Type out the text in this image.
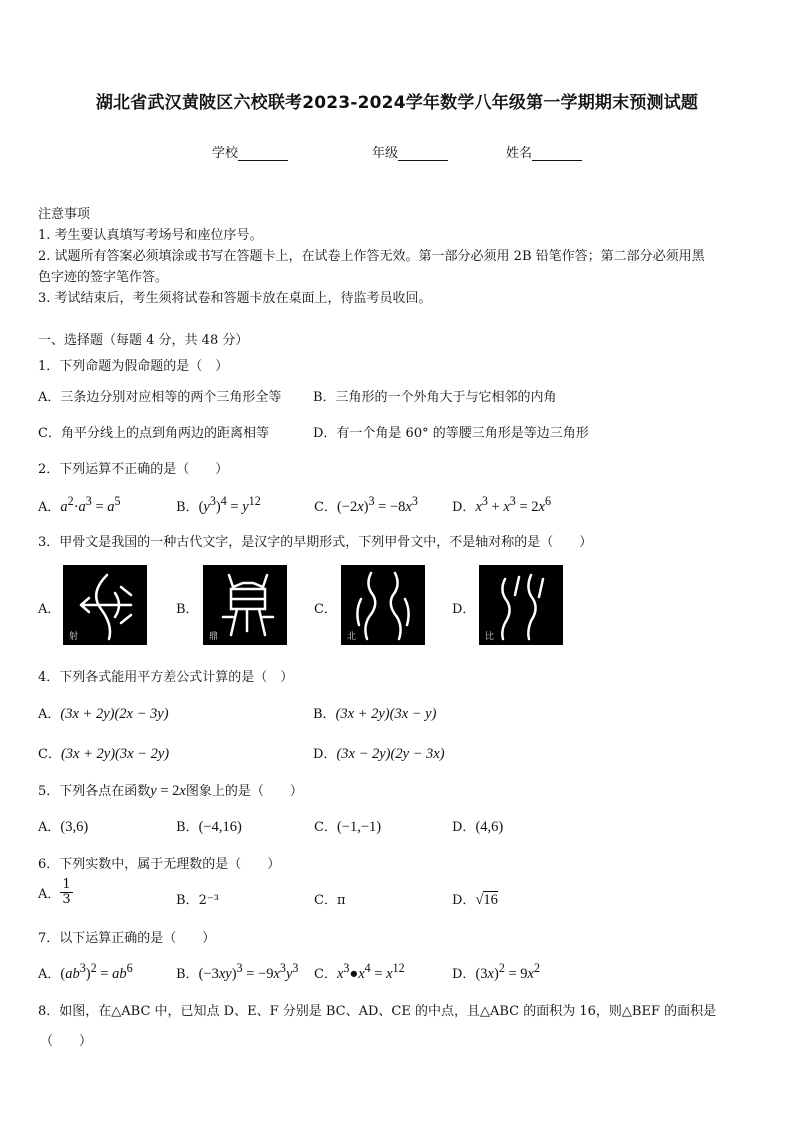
湖北省武汉黄陂区六校联考2023-2024学年数学八年级第一学期期末预测试题
学校	年级	姓名
注意事项
1. 考生要认真填写考场号和座位序号。
2. 试题所有答案必须填涂或书写在答题卡上，在试卷上作答无效。第一部分必须用 2B 铅笔作答；第二部分必须用黑
色字迹的签字笔作答。
3. 考试结束后，考生须将试卷和答题卡放在桌面上，待监考员收回。
一、选择题（每题 4 分，共 48 分）
1．下列命题为假命题的是（　）
A．三条边分别对应相等的两个三角形全等 B．三角形的一个外角大于与它相邻的内角
C．角平分线上的点到角两边的距离相等	D．有一个角是 60° 的等腰三角形是等边三角形
2．下列运算不正确的是（　　）
A．$a^2\cdot a^3 = a^5$	B．$(y^3)^4 = y^{12}$	C．$(-2x)^3 = -8x^3$	D．$x^3 + x^3 = 2x^6$
3．甲骨文是我国的一种古代文字，是汉字的早期形式，下列甲骨文中，不是轴对称的是（　　）
A．	B．	C．	D．
射	鼎	北	比
4．下列各式能用平方差公式计算的是（　）
A．(3x + 2y)(2x − 3y)	B．(3x + 2y)(3x − y)
C．(3x + 2y)(3x − 2y)	D．(3x − 2y)(2y − 3x)
5．下列各点在函数y = 2x图象上的是（　　）
A．(3,6)	B．(−4,16)	C．(−1,−1)	D．(4,6)
6．下列实数中，属于无理数的是（　　）
A． $\frac{1}{3}$	B．2⁻³	C．π	D．√16
7．以下运算正确的是（　　）
A．$(ab^3)^2 = ab^6$	B．$(-3xy)^3 = -9x^3y^3$ C．$x^3●x^4 = x^{12}$	D．$(3x)^2 = 9x^2$
8．如图，在△ABC 中，已知点 D、E、F 分别是 BC、AD、CE 的中点，且△ABC 的面积为 16，则△BEF 的面积是
（　　）
